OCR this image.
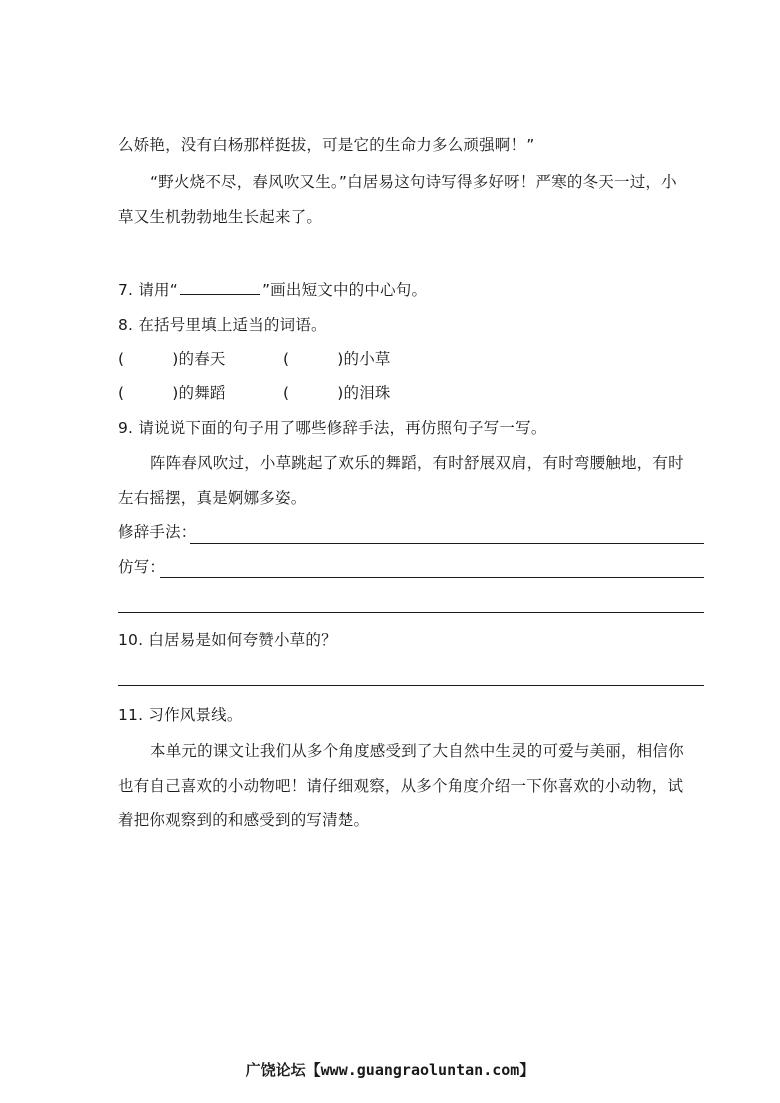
么娇艳，没有白杨那样挺拔，可是它的生命力多么顽强啊！”
“野火烧不尽，春风吹又生。”白居易这句诗写得多好呀！严寒的冬天一过，小
草又生机勃勃地生长起来了。
7. 请用“	”画出短文中的中心句。
8. 在括号里填上适当的词语。
(	)的春天	(	)的小草
(	)的舞蹈	(	)的泪珠
9. 请说说下面的句子用了哪些修辞手法，再仿照句子写一写。
阵阵春风吹过，小草跳起了欢乐的舞蹈，有时舒展双肩，有时弯腰触地，有时
左右摇摆，真是婀娜多姿。
修辞手法：
仿写：
10. 白居易是如何夸赞小草的？
11. 习作风景线。
本单元的课文让我们从多个角度感受到了大自然中生灵的可爱与美丽，相信你
也有自己喜欢的小动物吧！请仔细观察，从多个角度介绍一下你喜欢的小动物，试
着把你观察到的和感受到的写清楚。
广饶论坛【www.guangraoluntan.com】
